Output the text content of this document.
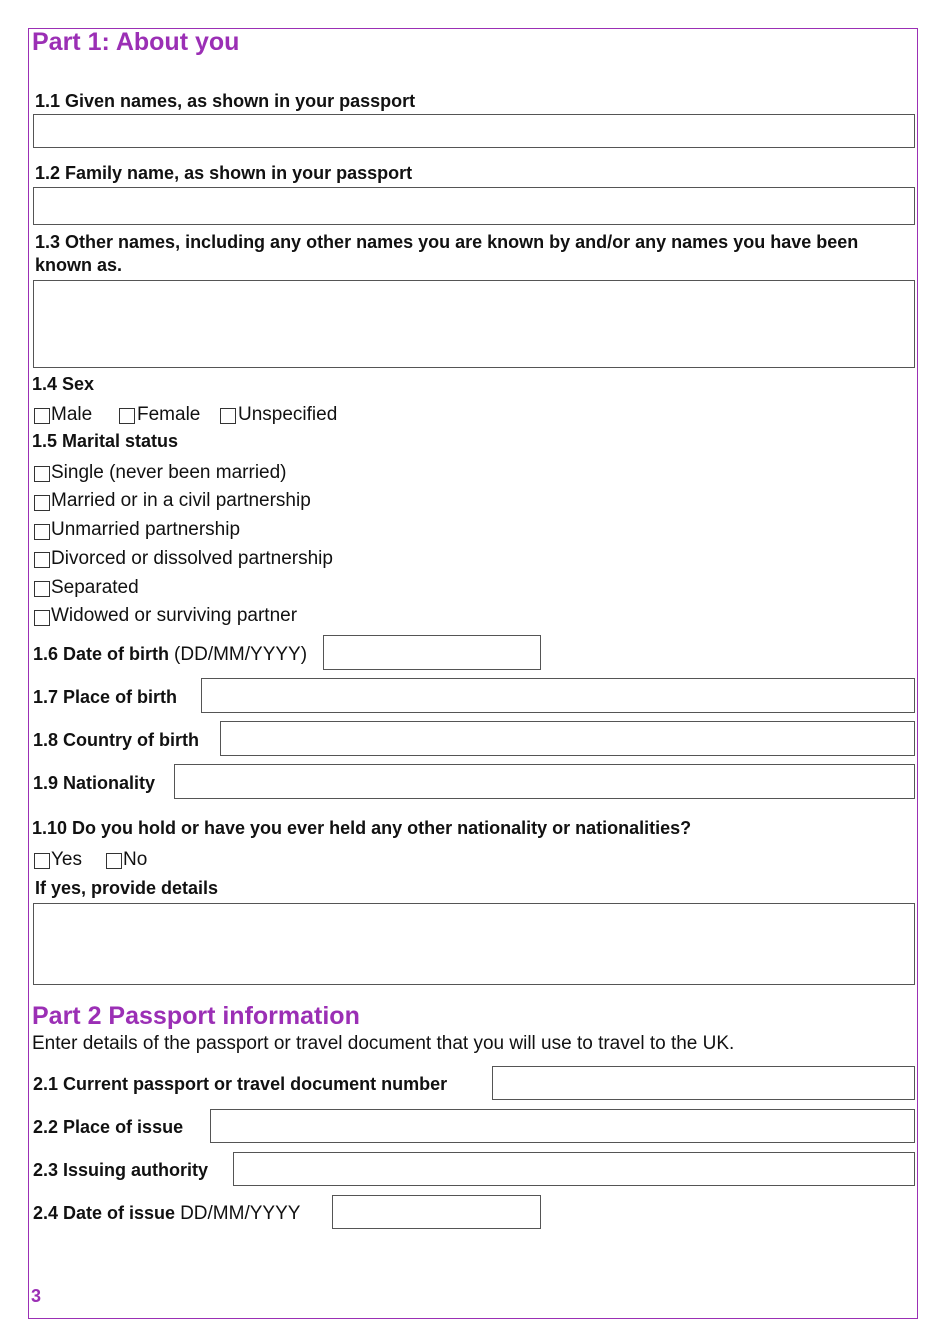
Part 1: About you
1.1 Given names, as shown in your passport
1.2 Family name, as shown in your passport
1.3 Other names, including any other names you are known by and/or any names you have been
known as.
1.4 Sex
Male Female Unspecified
1.5 Marital status
Single (never been married)
Married or in a civil partnership
Unmarried partnership
Divorced or dissolved partnership
Separated
Widowed or surviving partner
1.6 Date of birth (DD/MM/YYYY)
1.7 Place of birth
1.8 Country of birth
1.9 Nationality
1.10 Do you hold or have you ever held any other nationality or nationalities?
Yes No
If yes, provide details
Part 2 Passport information
Enter details of the passport or travel document that you will use to travel to the UK.
2.1 Current passport or travel document number
2.2 Place of issue
2.3 Issuing authority
2.4 Date of issue DD/MM/YYYY
3
